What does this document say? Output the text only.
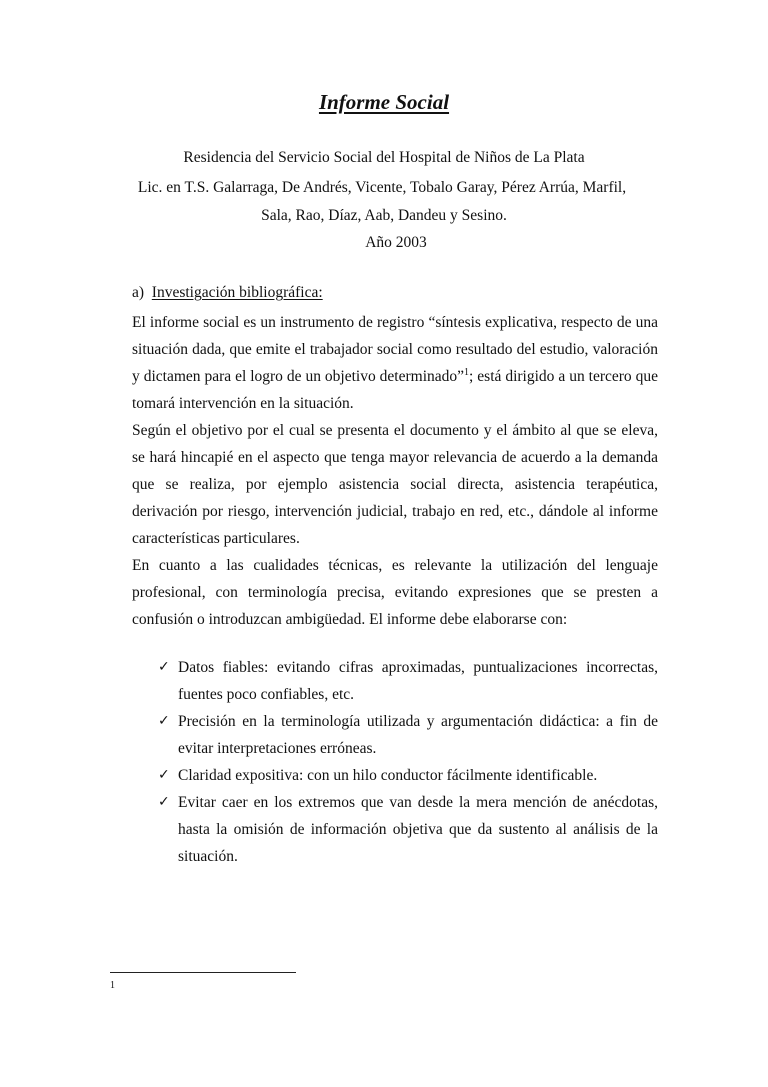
Informe Social
Residencia del Servicio Social del Hospital de Niños de La Plata
Lic. en T.S. Galarraga, De Andrés, Vicente, Tobalo Garay, Pérez Arrúa, Marfil,
Sala, Rao, Díaz, Aab, Dandeu y Sesino.
Año 2003
a) Investigación bibliográfica:

El informe social es un instrumento de registro “síntesis explicativa, respecto de una situación dada, que emite el trabajador social como resultado del estudio, valoración y dictamen para el logro de un objetivo determinado”$^1$; está dirigido a un tercero que tomará intervención en la situación.

Según el objetivo por el cual se presenta el documento y el ámbito al que se eleva, se hará hincapié en el aspecto que tenga mayor relevancia de acuerdo a la demanda que se realiza, por ejemplo asistencia social directa, asistencia terapéutica, derivación por riesgo, intervención judicial, trabajo en red, etc., dándole al informe características particulares.

En cuanto a las cualidades técnicas, es relevante la utilización del lenguaje profesional, con terminología precisa, evitando expresiones que se presten a confusión o introduzcan ambigüedad. El informe debe elaborarse con:

✓ Datos fiables: evitando cifras aproximadas, puntualizaciones incorrectas, fuentes poco confiables, etc.
✓ Precisión en la terminología utilizada y argumentación didáctica: a fin de evitar interpretaciones erróneas.
✓ Claridad expositiva: con un hilo conductor fácilmente identificable.
✓ Evitar caer en los extremos que van desde la mera mención de anécdotas, hasta la omisión de información objetiva que da sustento al análisis de la situación.
1
